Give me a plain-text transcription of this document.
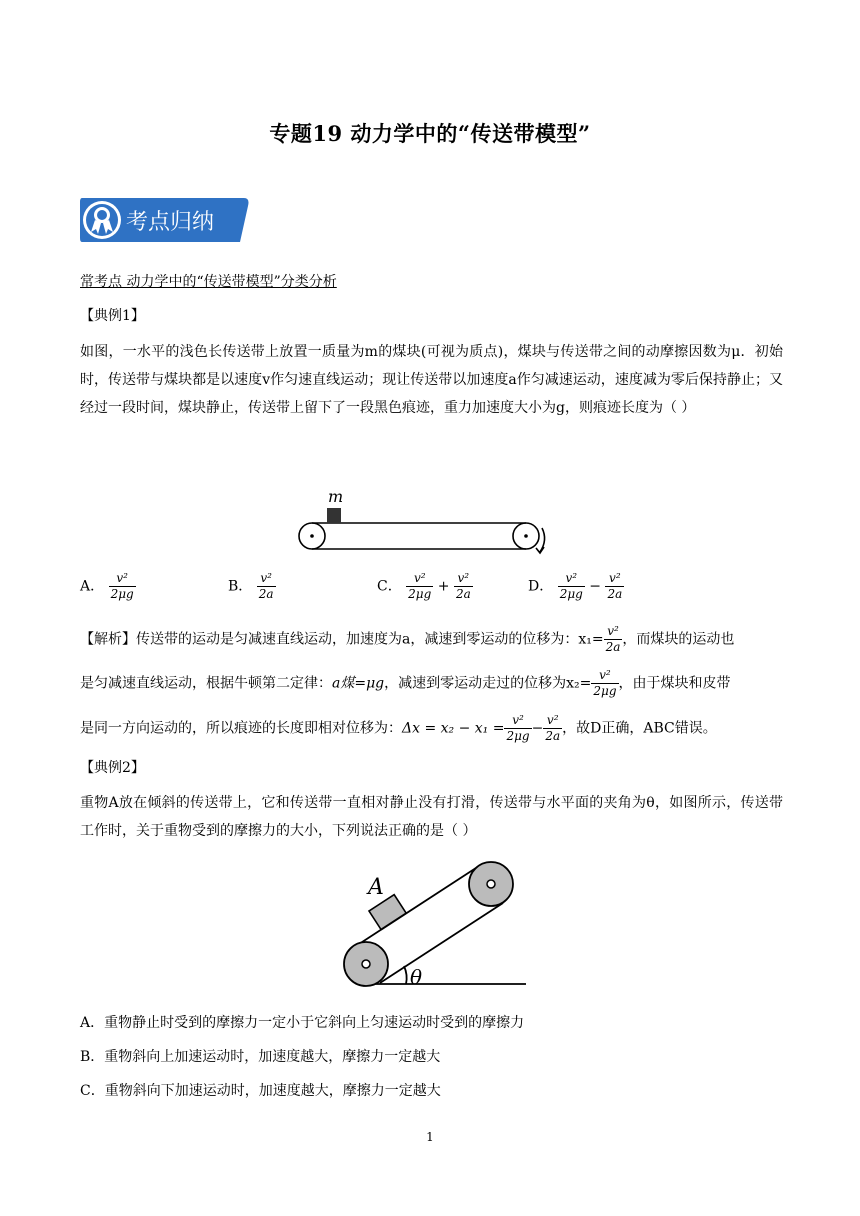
专题19 动力学中的“传送带模型”
考点归纳
常考点 动力学中的“传送带模型”分类分析
【典例1】
如图，一水平的浅色长传送带上放置一质量为m的煤块(可视为质点)，煤块与传送带之间的动摩擦因数为μ．初始时，传送带与煤块都是以速度v作匀速直线运动；现让传送带以加速度a作匀减速运动，速度减为零后保持静止；又经过一段时间，煤块静止，传送带上留下了一段黑色痕迹，重力加速度大小为g，则痕迹长度为（ ）
m
A． $\frac{\text{v²}}{2\mu g}$	B． $\frac{\text{v²}}{2a}$	C． $\frac{\text{v²}}{2\mu g} + \frac{\text{v²}}{2a}$	D． $\frac{\text{v²}}{2\mu g} - \frac{\text{v²}}{2a}$
【解析】传送带的运动是匀减速直线运动，加速度为a，减速到零运动的位移为：$x_1= \frac{\text{v²}}{2a}$ ，而煤块的运动也
是匀减速直线运动，根据牛顿第二定律：a煤=μg，减速到零运动走过的位移为$x_2= \frac{\text{v²}}{2\mu g}$ ，由于煤块和皮带
是同一方向运动的，所以痕迹的长度即相对位移为：$\Delta x = x_2 - x_1 = \frac{\text{v²}}{2\mu g} - \frac{\text{v²}}{2a}$ ，故D正确，ABC错误。
【典例2】
重物A放在倾斜的传送带上，它和传送带一直相对静止没有打滑，传送带与水平面的夹角为θ，如图所示，传送带工作时，关于重物受到的摩擦力的大小，下列说法正确的是（ ）
A
θ
A．重物静止时受到的摩擦力一定小于它斜向上匀速运动时受到的摩擦力
B．重物斜向上加速运动时，加速度越大，摩擦力一定越大
C．重物斜向下加速运动时，加速度越大，摩擦力一定越大
1
